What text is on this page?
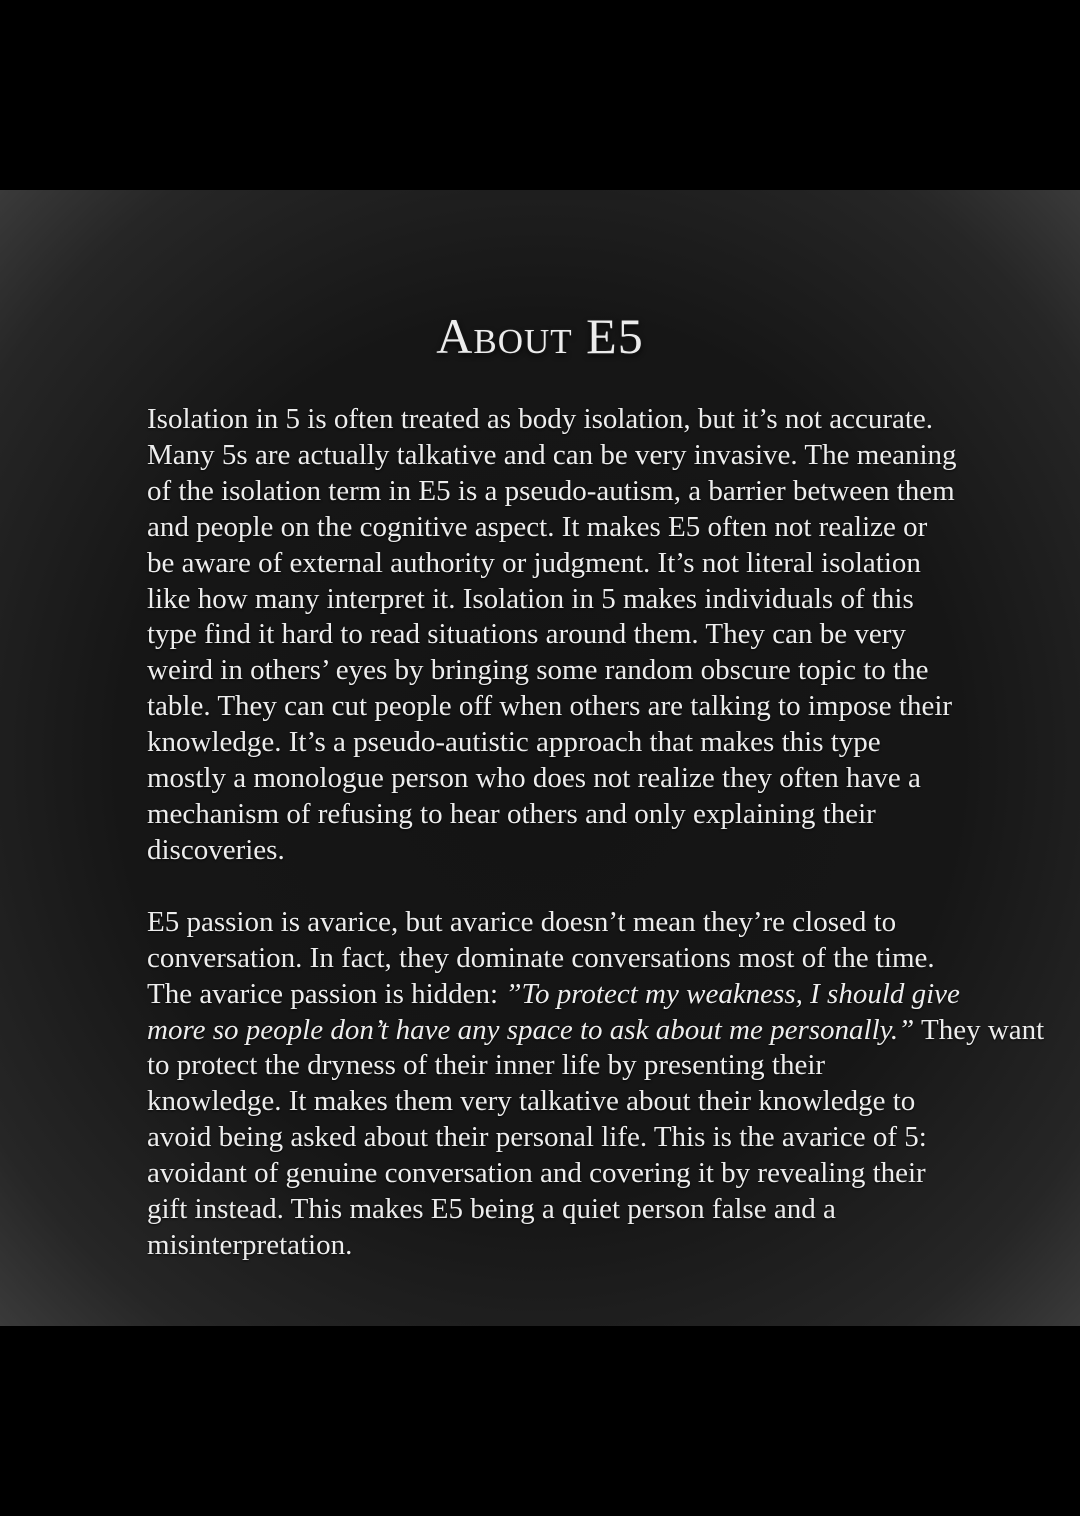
About E5

Isolation in 5 is often treated as body isolation, but it’s not accurate.
Many 5s are actually talkative and can be very invasive. The meaning
of the isolation term in E5 is a pseudo-autism, a barrier between them
and people on the cognitive aspect. It makes E5 often not realize or
be aware of external authority or judgment. It’s not literal isolation
like how many interpret it. Isolation in 5 makes individuals of this
type find it hard to read situations around them. They can be very
weird in others’ eyes by bringing some random obscure topic to the
table. They can cut people off when others are talking to impose their
knowledge. It’s a pseudo-autistic approach that makes this type
mostly a monologue person who does not realize they often have a
mechanism of refusing to hear others and only explaining their
discoveries.

E5 passion is avarice, but avarice doesn’t mean they’re closed to
conversation. In fact, they dominate conversations most of the time.
The avarice passion is hidden: ”To protect my weakness, I should give
more so people don’t have any space to ask about me personally.” They want
to protect the dryness of their inner life by presenting their
knowledge. It makes them very talkative about their knowledge to
avoid being asked about their personal life. This is the avarice of 5:
avoidant of genuine conversation and covering it by revealing their
gift instead. This makes E5 being a quiet person false and a
misinterpretation.
